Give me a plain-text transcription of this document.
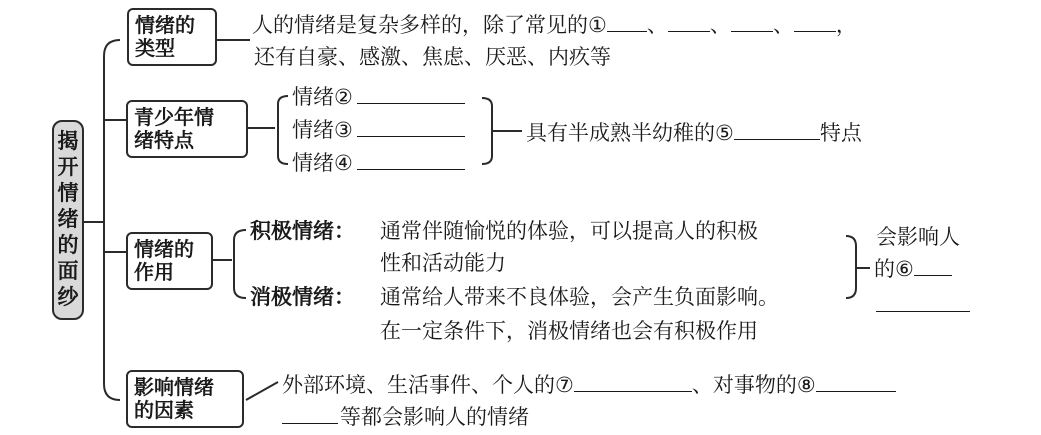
揭
开
情
绪
的
面
纱
情绪的
类型
人的情绪是复杂多样的，除了常见的① 、 、 、 ，
还有自豪、感激、焦虑、厌恶、内疚等
青少年情
绪特点
情绪②
情绪③
情绪④
具有半成熟半幼稚的⑤	特点
情绪的
作用
积极情绪： 通常伴随愉悦的体验，可以提高人的积极
性和活动能力
消极情绪： 通常给人带来不良体验，会产生负面影响。
在一定条件下，消极情绪也会有积极作用
会影响人
的⑥
影响情绪
的因素
外部环境、生活事件、个人的⑦	、对事物的⑧
等都会影响人的情绪
